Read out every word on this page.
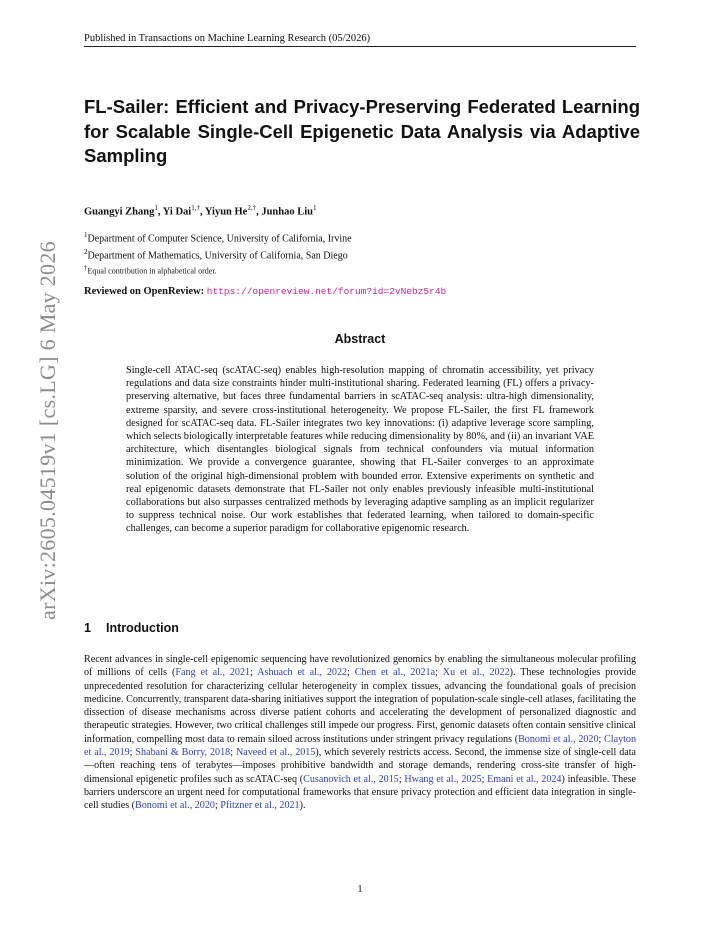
Published in Transactions on Machine Learning Research (05/2026)
arXiv:2605.04519v1 [cs.LG] 6 May 2026
FL-Sailer: Efficient and Privacy-Preserving Federated Learning for Scalable Single-Cell Epigenetic Data Analysis via Adaptive Sampling
Guangyi Zhang$^1$, Yi Dai$^{1,\dagger}$, Yiyun $He^{2,\dagger}$, Junhao Liu$^1$
$^1$Department of Computer Science, University of California, Irvine
$^2$Department of Mathematics, University of California, San Diego
†Equal contribution in alphabetical order.
Reviewed on OpenReview: https://openreview.net/forum?id=2vNebz5r4b
Abstract
Single-cell ATAC-seq (scATAC-seq) enables high-resolution mapping of chromatin accessibility, yet privacy regulations and data size constraints hinder multi-institutional sharing. Federated learning (FL) offers a privacy-preserving alternative, but faces three fundamental barriers in scATAC-seq analysis: ultra-high dimensionality, extreme sparsity, and severe cross-institutional heterogeneity. We propose FL-Sailer, the first FL framework designed for scATAC-seq data. FL-Sailer integrates two key innovations: (i) adaptive leverage score sampling, which selects biologically interpretable features while reducing dimensionality by 80%, and (ii) an invariant VAE architecture, which disentangles biological signals from technical confounders via mutual information minimization. We provide a convergence guarantee, showing that FL-Sailer converges to an approximate solution of the original high-dimensional problem with bounded error. Extensive experiments on synthetic and real epigenomic datasets demonstrate that FL-Sailer not only enables previously infeasible multi-institutional collaborations but also surpasses centralized methods by leveraging adaptive sampling as an implicit regularizer to suppress technical noise. Our work establishes that federated learning, when tailored to domain-specific challenges, can become a superior paradigm for collaborative epigenomic research.
1 Introduction
Recent advances in single-cell epigenomic sequencing have revolutionized genomics by enabling the simultaneous molecular profiling of millions of cells (Fang et al., 2021; Ashuach et al., 2022; Chen et al., 2021a; Xu et al., 2022). These technologies provide unprecedented resolution for characterizing cellular heterogeneity in complex tissues, advancing the foundational goals of precision medicine. Concurrently, transparent data-sharing initiatives support the integration of population-scale single-cell atlases, facilitating the dissection of disease mechanisms across diverse patient cohorts and accelerating the development of personalized diagnostic and therapeutic strategies. However, two critical challenges still impede our progress. First, genomic datasets often contain sensitive clinical information, compelling most data to remain siloed across institutions under stringent privacy regulations (Bonomi et al., 2020; Clayton et al., 2019; Shabani & Borry, 2018; Naveed et al., 2015), which severely restricts access. Second, the immense size of single-cell data—often reaching tens of terabytes—imposes prohibitive bandwidth and storage demands, rendering cross-site transfer of high-dimensional epigenetic profiles such as scATAC-seq (Cusanovich et al., 2015; Hwang et al., 2025; Emani et al., 2024) infeasible. These barriers underscore an urgent need for computational frameworks that ensure privacy protection and efficient data integration in single-cell studies (Bonomi et al., 2020; Pfitzner et al., 2021).
1
